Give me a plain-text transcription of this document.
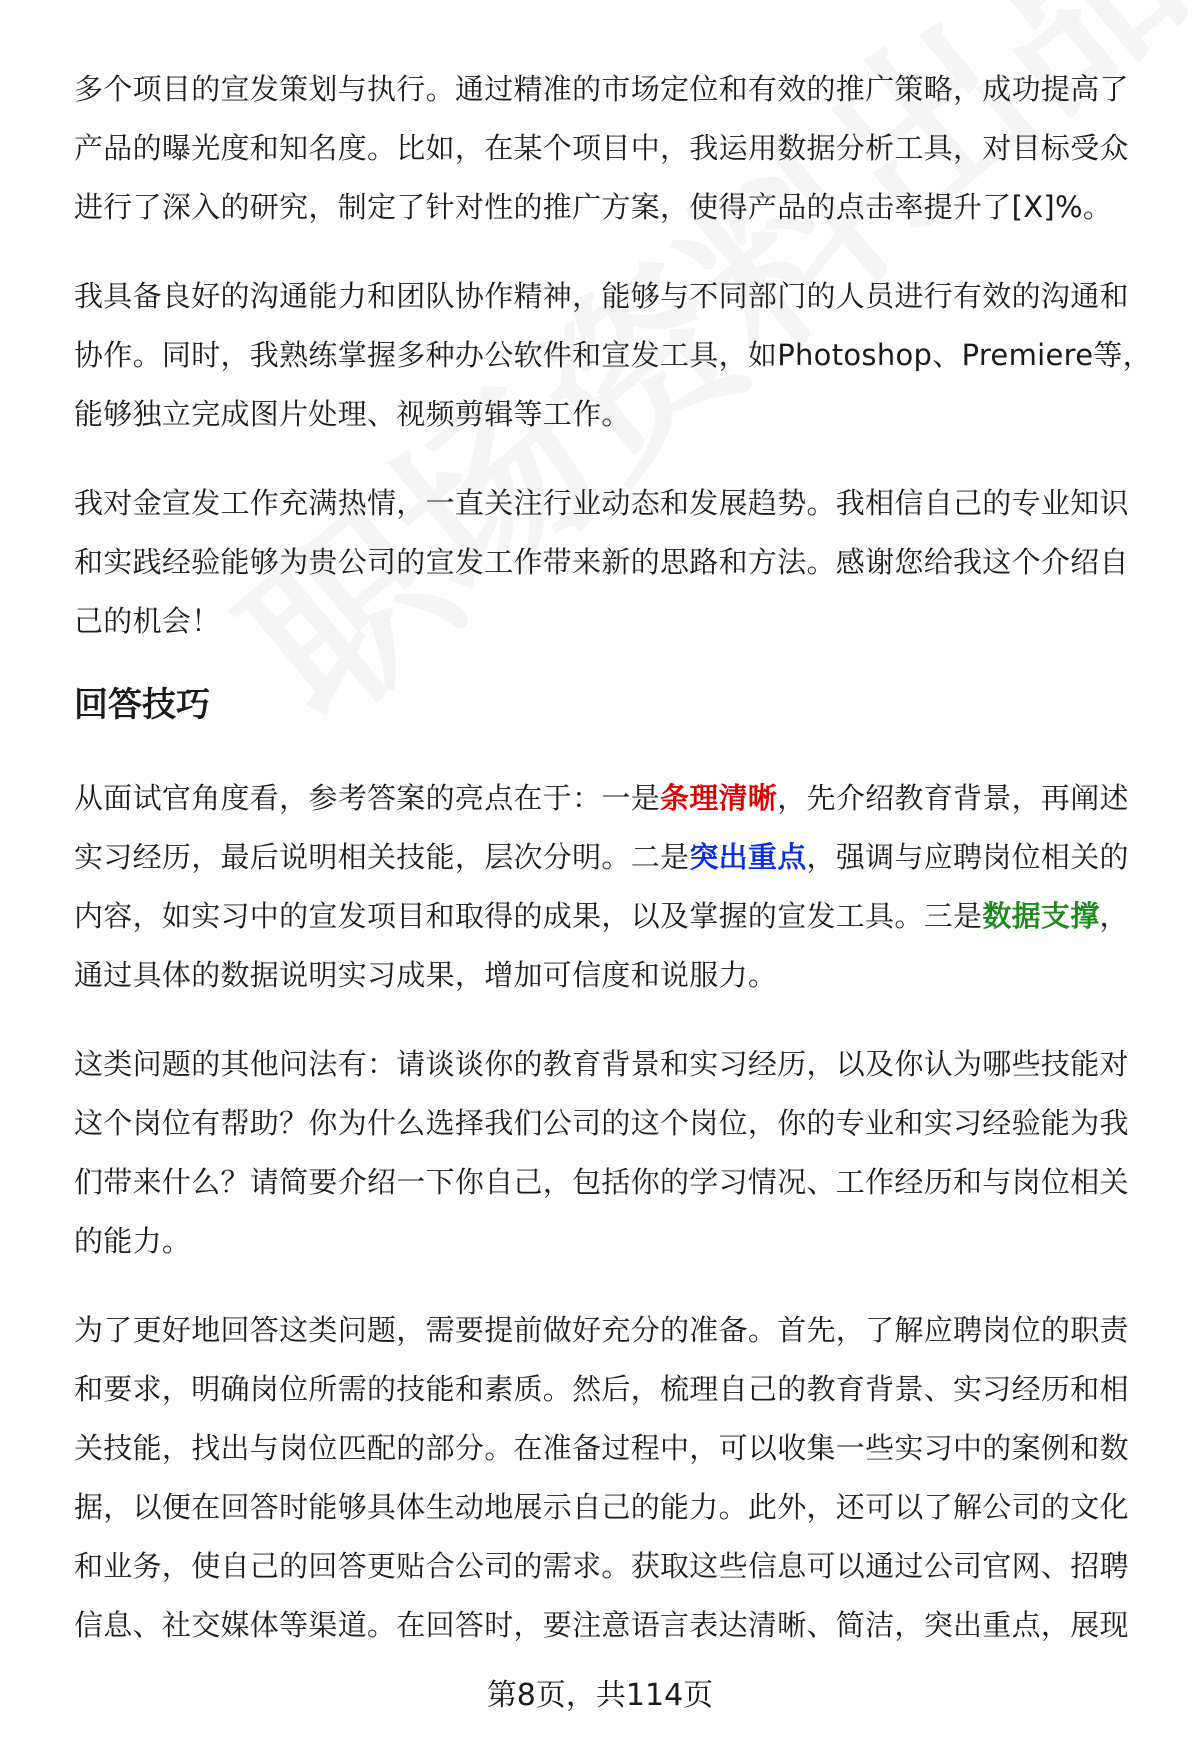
多个项目的宣发策划与执行。通过精准的市场定位和有效的推广策略，成功提高了产品的曝光度和知名度。比如，在某个项目中，我运用数据分析工具，对目标受众进行了深入的研究，制定了针对性的推广方案，使得产品的点击率提升了[X]%。

我具备良好的沟通能力和团队协作精神，能够与不同部门的人员进行有效的沟通和协作。同时，我熟练掌握多种办公软件和宣发工具，如Photoshop、Premiere等，能够独立完成图片处理、视频剪辑等工作。

我对金宣发工作充满热情，一直关注行业动态和发展趋势。我相信自己的专业知识和实践经验能够为贵公司的宣发工作带来新的思路和方法。感谢您给我这个介绍自己的机会！

回答技巧

从面试官角度看，参考答案的亮点在于：一是条理清晰，先介绍教育背景，再阐述实习经历，最后说明相关技能，层次分明。二是突出重点，强调与应聘岗位相关的内容，如实习中的宣发项目和取得的成果，以及掌握的宣发工具。三是数据支撑，通过具体的数据说明实习成果，增加可信度和说服力。

这类问题的其他问法有：请谈谈你的教育背景和实习经历，以及你认为哪些技能对这个岗位有帮助？你为什么选择我们公司的这个岗位，你的专业和实习经验能为我们带来什么？请简要介绍一下你自己，包括你的学习情况、工作经历和与岗位相关的能力。

为了更好地回答这类问题，需要提前做好充分的准备。首先，了解应聘岗位的职责和要求，明确岗位所需的技能和素质。然后，梳理自己的教育背景、实习经历和相关技能，找出与岗位匹配的部分。在准备过程中，可以收集一些实习中的案例和数据，以便在回答时能够具体生动地展示自己的能力。此外，还可以了解公司的文化和业务，使自己的回答更贴合公司的需求。获取这些信息可以通过公司官网、招聘信息、社交媒体等渠道。在回答时，要注意语言表达清晰、简洁，突出重点，展现

第8页，共114页
